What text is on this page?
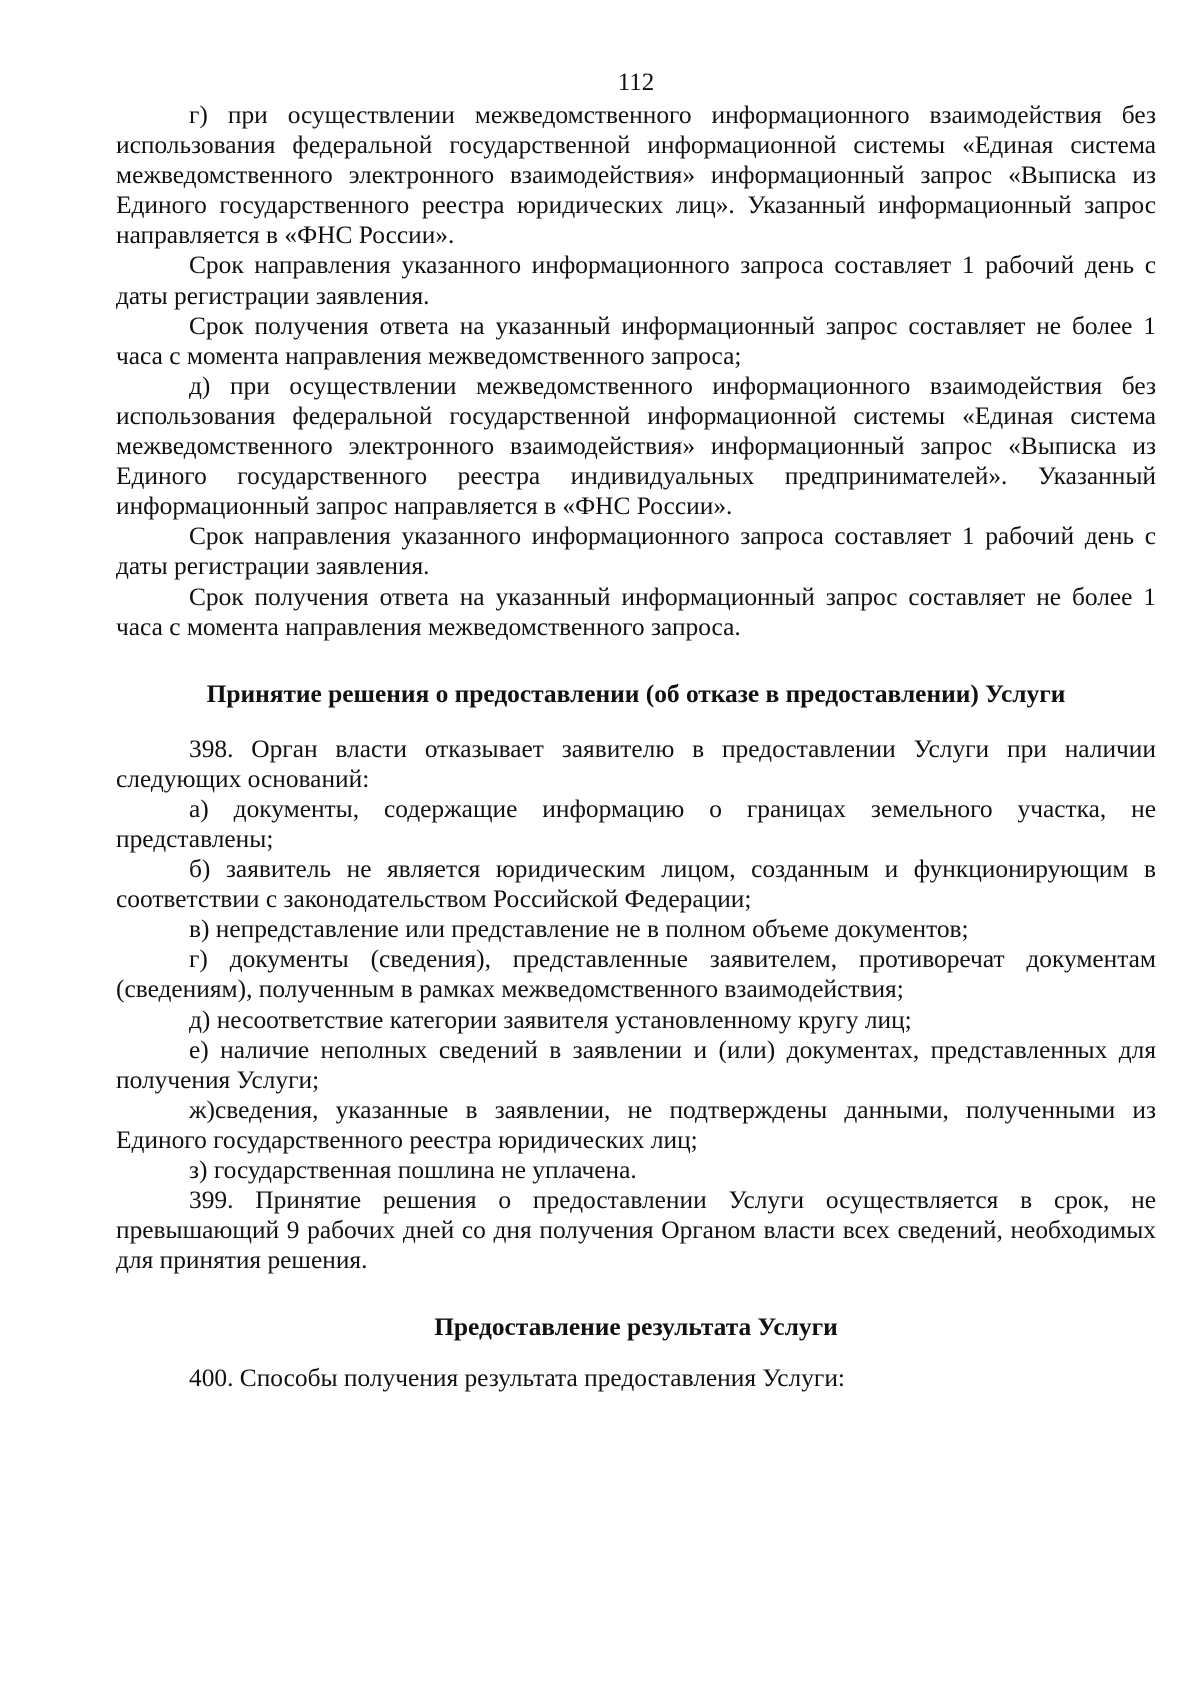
112

г) при осуществлении межведомственного информационного взаимодействия без использования федеральной государственной информационной системы «Единая система межведомственного электронного взаимодействия» информационный запрос «Выписка из Единого государственного реестра юридических лиц». Указанный информационный запрос направляется в «ФНС России».

Срок направления указанного информационного запроса составляет 1 рабочий день с даты регистрации заявления.

Срок получения ответа на указанный информационный запрос составляет не более 1 часа с момента направления межведомственного запроса;

д) при осуществлении межведомственного информационного взаимодействия без использования федеральной государственной информационной системы «Единая система межведомственного электронного взаимодействия» информационный запрос «Выписка из Единого государственного реестра индивидуальных предпринимателей». Указанный информационный запрос направляется в «ФНС России».

Срок направления указанного информационного запроса составляет 1 рабочий день с даты регистрации заявления.

Срок получения ответа на указанный информационный запрос составляет не более 1 часа с момента направления межведомственного запроса.

Принятие решения о предоставлении (об отказе в предоставлении) Услуги

398. Орган власти отказывает заявителю в предоставлении Услуги при наличии следующих оснований:

а) документы, содержащие информацию о границах земельного участка, не представлены;

б) заявитель не является юридическим лицом, созданным и функционирующим в соответствии с законодательством Российской Федерации;

в) непредставление или представление не в полном объеме документов;

г) документы (сведения), представленные заявителем, противоречат документам (сведениям), полученным в рамках межведомственного взаимодействия;

д) несоответствие категории заявителя установленному кругу лиц;

е) наличие неполных сведений в заявлении и (или) документах, представленных для получения Услуги;

ж)сведения, указанные в заявлении, не подтверждены данными, полученными из Единого государственного реестра юридических лиц;

з) государственная пошлина не уплачена.

399. Принятие решения о предоставлении Услуги осуществляется в срок, не превышающий 9 рабочих дней со дня получения Органом власти всех сведений, необходимых для принятия решения.

Предоставление результата Услуги

400. Способы получения результата предоставления Услуги:
